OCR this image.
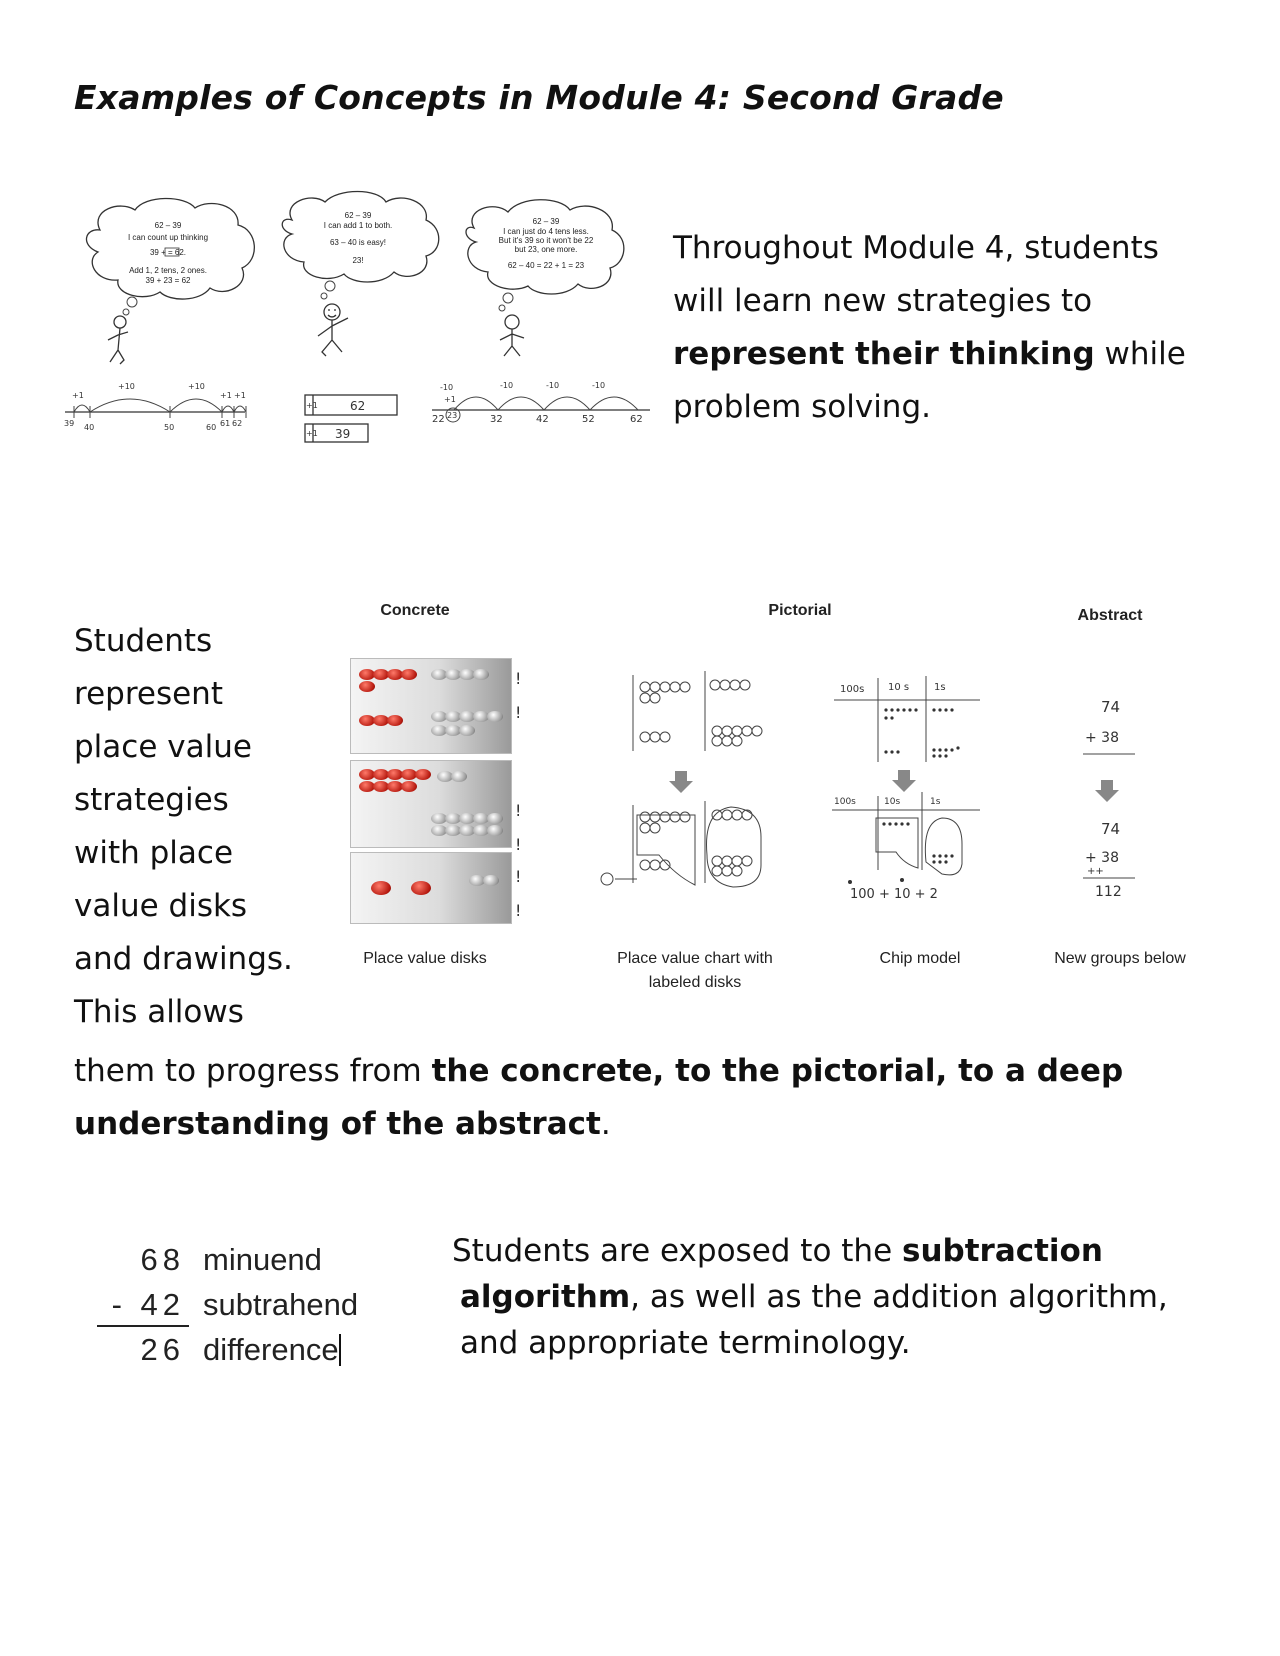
Examples of Concepts in Module 4: Second Grade
62 – 39
I can count up thinking
39 + = 62.
Add 1, 2 tens, 2 ones.
39 + 23 = 62
62 – 39
I can add 1 to both.
63 – 40 is easy!
23!
62 – 39
I can just do 4 tens less.
But it's 39 so it won't be 22
but 23, one more.
62 – 40 = 22 + 1 = 23
+1
+10	+10
+1 +1
39 40	50	60 61 62
+1
+1
62
39
-10	-10	-10	-10
+1
22 23	32	42	52	62
Throughout Module 4, students will learn new strategies to represent their thinking while problem solving.
Students
represent
place value
strategies
with place
value disks
and drawings.
This allows
Concrete	Pictorial	Abstract
!
!
!
!
!
!
100s 10 s 1s
100s	10s	1s
100 + 10 + 2
74
+ 38
74
+ 38
++
112
Place value disks	Place value chart with
labeled disks
Chip model	New groups below
them to progress from the concrete, to the pictorial, to a deep understanding of the abstract.
68 minuend
- 42 subtrahend
26 difference
Students are exposed to the subtraction
algorithm, as well as the addition algorithm,
and appropriate terminology.
